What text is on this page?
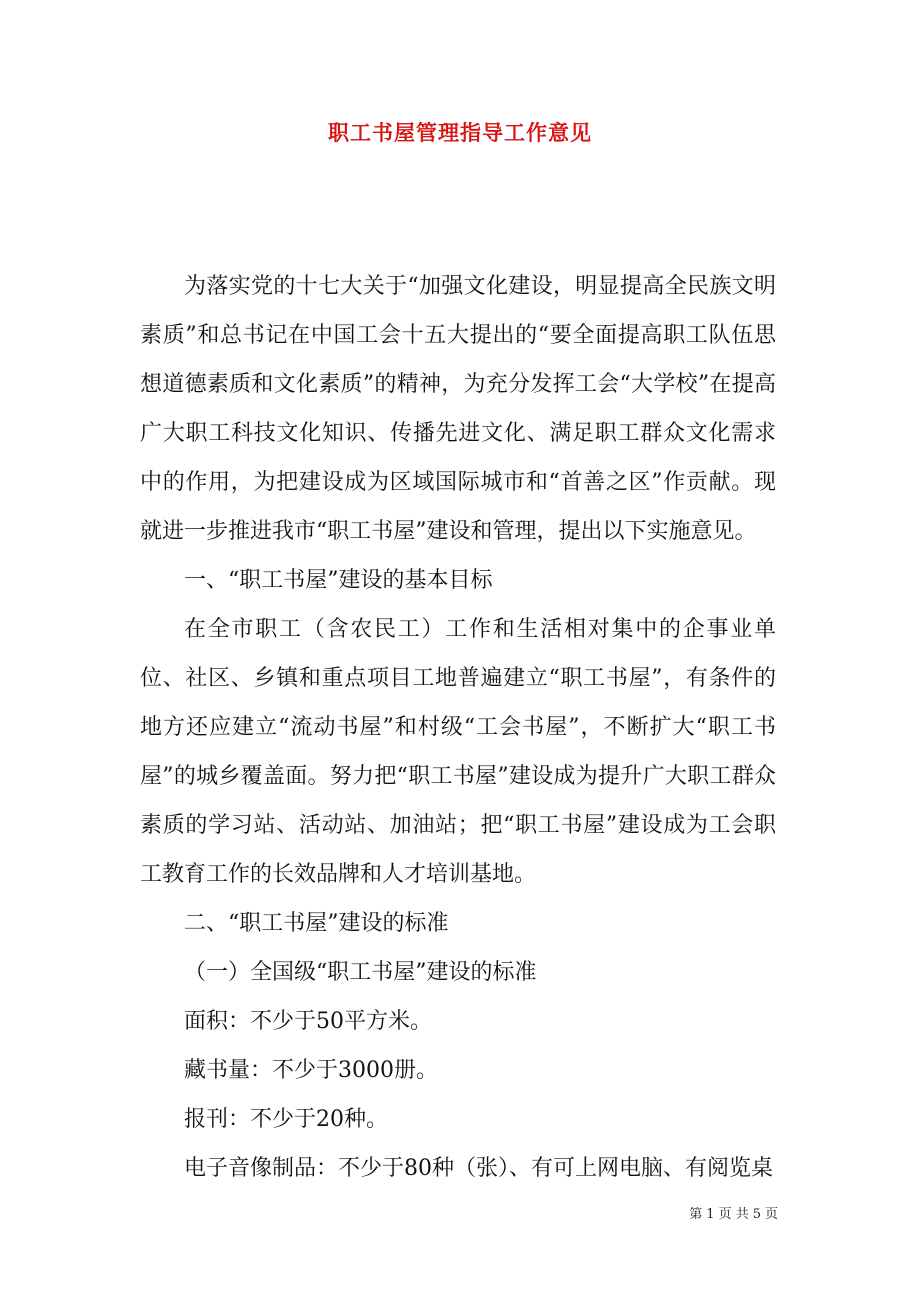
职工书屋管理指导工作意见

为落实党的十七大关于“加强文化建设，明显提高全民族文明素质”和总书记在中国工会十五大提出的“要全面提高职工队伍思想道德素质和文化素质”的精神，为充分发挥工会“大学校”在提高广大职工科技文化知识、传播先进文化、满足职工群众文化需求中的作用，为把建设成为区域国际城市和“首善之区”作贡献。现就进一步推进我市“职工书屋”建设和管理，提出以下实施意见。

一、“职工书屋”建设的基本目标

在全市职工（含农民工）工作和生活相对集中的企事业单位、社区、乡镇和重点项目工地普遍建立“职工书屋”，有条件的地方还应建立“流动书屋”和村级“工会书屋”，不断扩大“职工书屋”的城乡覆盖面。努力把“职工书屋”建设成为提升广大职工群众素质的学习站、活动站、加油站；把“职工书屋”建设成为工会职工教育工作的长效品牌和人才培训基地。

二、“职工书屋”建设的标准

（一）全国级“职工书屋”建设的标准

面积：不少于50平方米。

藏书量：不少于3000册。

报刊：不少于20种。

电子音像制品：不少于80种（张）、有可上网电脑、有阅览桌

第 1 页 共 5 页
